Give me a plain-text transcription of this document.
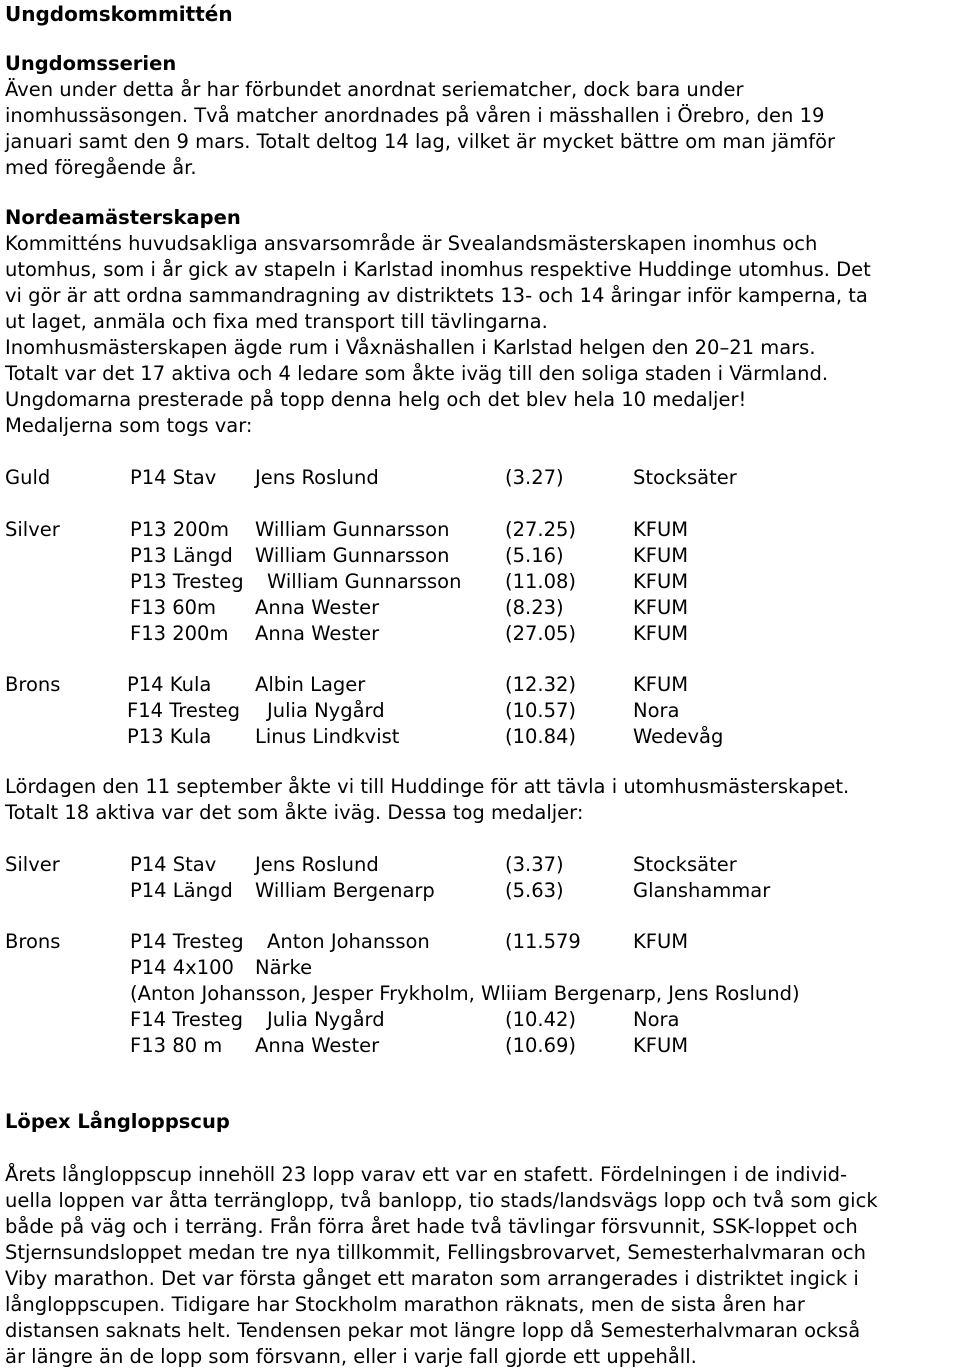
Ungdomskommittén
Ungdomsserien
Även under detta år har förbundet anordnat seriematcher, dock bara under
inomhussäsongen. Två matcher anordnades på våren i mässhallen i Örebro, den 19
januari samt den 9 mars. Totalt deltog 14 lag, vilket är mycket bättre om man jämför
med föregående år.
Nordeamästerskapen
Kommitténs huvudsakliga ansvarsområde är Svealandsmästerskapen inomhus och
utomhus, som i år gick av stapeln i Karlstad inomhus respektive Huddinge utomhus. Det
vi gör är att ordna sammandragning av distriktets 13- och 14 åringar inför kamperna, ta
ut laget, anmäla och fixa med transport till tävlingarna.
Inomhusmästerskapen ägde rum i Våxnäshallen i Karlstad helgen den 20–21 mars.
Totalt var det 17 aktiva och 4 ledare som åkte iväg till den soliga staden i Värmland.
Ungdomarna presterade på topp denna helg och det blev hela 10 medaljer!
Medaljerna som togs var:
Guld	P14 Stav Jens Roslund	(3.27)	Stocksäter
Silver	P13 200m William Gunnarsson	(27.25)	KFUM
P13 Längd William Gunnarsson	(5.16)	KFUM
P13 Tresteg William Gunnarsson (11.08)	KFUM
F13 60m Anna Wester	(8.23)	KFUM
F13 200m Anna Wester	(27.05)	KFUM
Brons	P14 Kula Albin Lager	(12.32)	KFUM
F14 Tresteg Julia Nygård	(10.57)	Nora
P13 Kula Linus Lindkvist	(10.84)	Wedevåg
Lördagen den 11 september åkte vi till Huddinge för att tävla i utomhusmästerskapet.
Totalt 18 aktiva var det som åkte iväg. Dessa tog medaljer:
Silver	P14 Stav Jens Roslund	(3.37)	Stocksäter
P14 Längd William Bergenarp	(5.63)	Glanshammar
Brons	P14 Tresteg Anton Johansson	(11.579	KFUM
P14 4x100 Närke
(Anton Johansson, Jesper Frykholm, Wliiam Bergenarp, Jens Roslund)
F14 Tresteg Julia Nygård	(10.42)	Nora
F13 80 m Anna Wester	(10.69)	KFUM
Löpex Långloppscup
Årets långloppscup innehöll 23 lopp varav ett var en stafett. Fördelningen i de individ-
uella loppen var åtta terränglopp, två banlopp, tio stads/landsvägs lopp och två som gick
både på väg och i terräng. Från förra året hade två tävlingar försvunnit, SSK-loppet och
Stjernsundsloppet medan tre nya tillkommit, Fellingsbrovarvet, Semesterhalvmaran och
Viby marathon. Det var första gånget ett maraton som arrangerades i distriktet ingick i
långloppscupen. Tidigare har Stockholm marathon räknats, men de sista åren har
distansen saknats helt. Tendensen pekar mot längre lopp då Semesterhalvmaran också
är längre än de lopp som försvann, eller i varje fall gjorde ett uppehåll.
